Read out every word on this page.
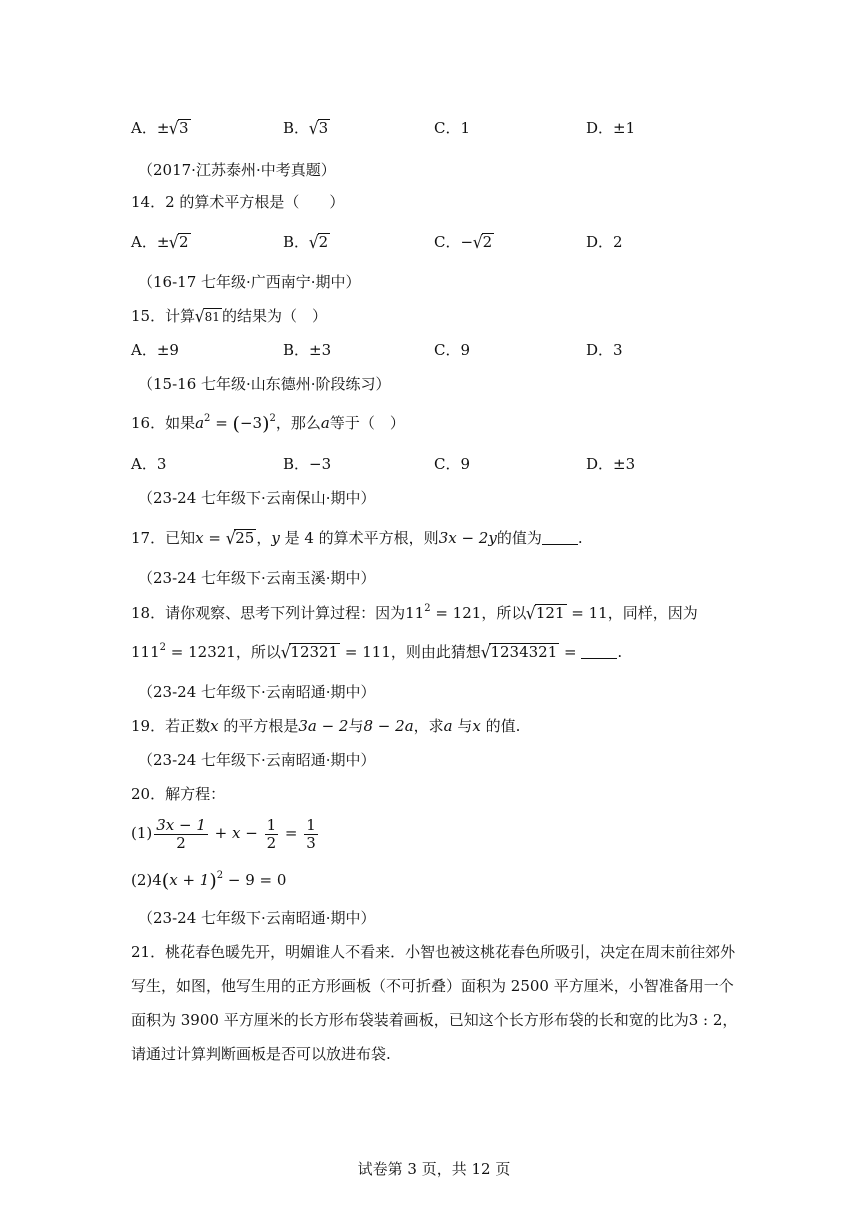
A．±√3	B．√3	C．1	D．±1
（2017·江苏泰州·中考真题）
14．2 的算术平方根是（　　）
A．±√2	B．√2	C．−√2	D．2
（16-17 七年级·广西南宁·期中）
15．计算√81 的结果为（　）
A．±9	B．±3	C．9	D．3
（15-16 七年级·山东德州·阶段练习）
16．如果$a^2 = (-3)^2$，那么a等于（　）
A．3	B．−3	C．9	D．±3
（23-24 七年级下·云南保山·期中）
17．已知x = √25 ，y 是 4 的算术平方根，则3x − 2y的值为 .
（23-24 七年级下·云南玉溪·期中）
18．请你观察、思考下列计算过程：因为$11^2 = 121$，所以√121 = 11，同样，因为
$111^2 = 12321$，所以√12321 = 111，则由此猜想√1234321 = .
（23-24 七年级下·云南昭通·期中）
19．若正数x 的平方根是3a − 2与8 − 2a，求a 与x 的值.
（23-24 七年级下·云南昭通·期中）
20．解方程：
$(1) \frac{3x - 1}{2} + x - \frac{1}{2} = \frac{1}{3}$
$(2)4(x + 1)^2 - 9 = 0$
（23-24 七年级下·云南昭通·期中）
21．桃花春色暖先开，明媚谁人不看来．小智也被这桃花春色所吸引，决定在周末前往郊外
写生，如图，他写生用的正方形画板（不可折叠）面积为 2500 平方厘米，小智准备用一个
面积为 3900 平方厘米的长方形布袋装着画板，已知这个长方形布袋的长和宽的比为3 : 2，
请通过计算判断画板是否可以放进布袋.
试卷第 3 页，共 12 页
